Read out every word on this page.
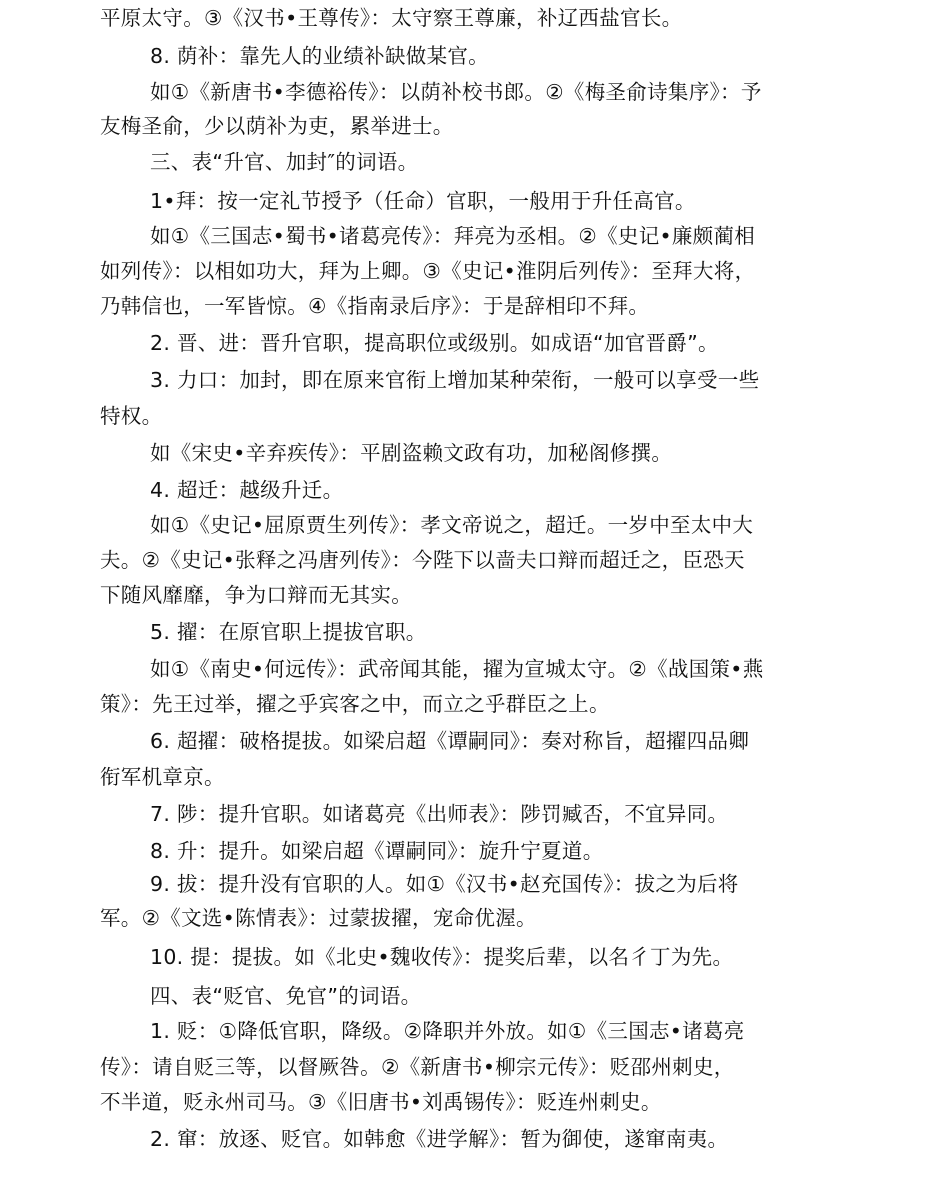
平原太守。③《汉书•王尊传》：太守察王尊廉，补辽西盐官长。
8. 荫补：靠先人的业绩补缺做某官。
如①《新唐书•李德裕传》：以荫补校书郎。②《梅圣俞诗集序》：予
友梅圣俞，少以荫补为吏，累举进士。
三、表“升官、加封″的词语。
1•拜：按一定礼节授予（任命）官职，一般用于升任高官。
如①《三国志•蜀书•诸葛亮传》：拜亮为丞相。②《史记•廉颇蔺相
如列传》：以相如功大，拜为上卿。③《史记•淮阴后列传》：至拜大将，
乃韩信也，一军皆惊。④《指南录后序》：于是辞相印不拜。
2. 晋、进：晋升官职，提高职位或级别。如成语“加官晋爵”。
3. 力口：加封，即在原来官衔上增加某种荣衔，一般可以享受一些
特权。
如《宋史•辛弃疾传》：平剧盗赖文政有功，加秘阁修撰。
4. 超迁：越级升迁。
如①《史记•屈原贾生列传》：孝文帝说之，超迁。一岁中至太中大
夫。②《史记•张释之冯唐列传》：今陛下以啬夫口辩而超迁之，臣恐天
下随风靡靡，争为口辩而无其实。
5. 擢：在原官职上提拔官职。
如①《南史•何远传》：武帝闻其能，擢为宣城太守。②《战国策•燕
策》：先王过举，擢之乎宾客之中，而立之乎群臣之上。
6. 超擢：破格提拔。如梁启超《谭嗣同》：奏对称旨，超擢四品卿
衔军机章京。
7. 陟：提升官职。如诸葛亮《出师表》：陟罚臧否，不宜异同。
8. 升：提升。如梁启超《谭嗣同》：旋升宁夏道。
9. 拔：提升没有官职的人。如①《汉书•赵充国传》：拔之为后将
军。②《文选•陈情表》：过蒙拔擢，宠命优渥。
10. 提：提拔。如《北史•魏收传》：提奖后辈，以名彳丁为先。
四、表“贬官、免官”的词语。
1. 贬：①降低官职，降级。②降职并外放。如①《三国志•诸葛亮
传》：请自贬三等，以督厥咎。②《新唐书•柳宗元传》：贬邵州刺史，
不半道，贬永州司马。③《旧唐书•刘禹锡传》：贬连州刺史。
2. 窜：放逐、贬官。如韩愈《进学解》：暂为御使，遂窜南夷。
